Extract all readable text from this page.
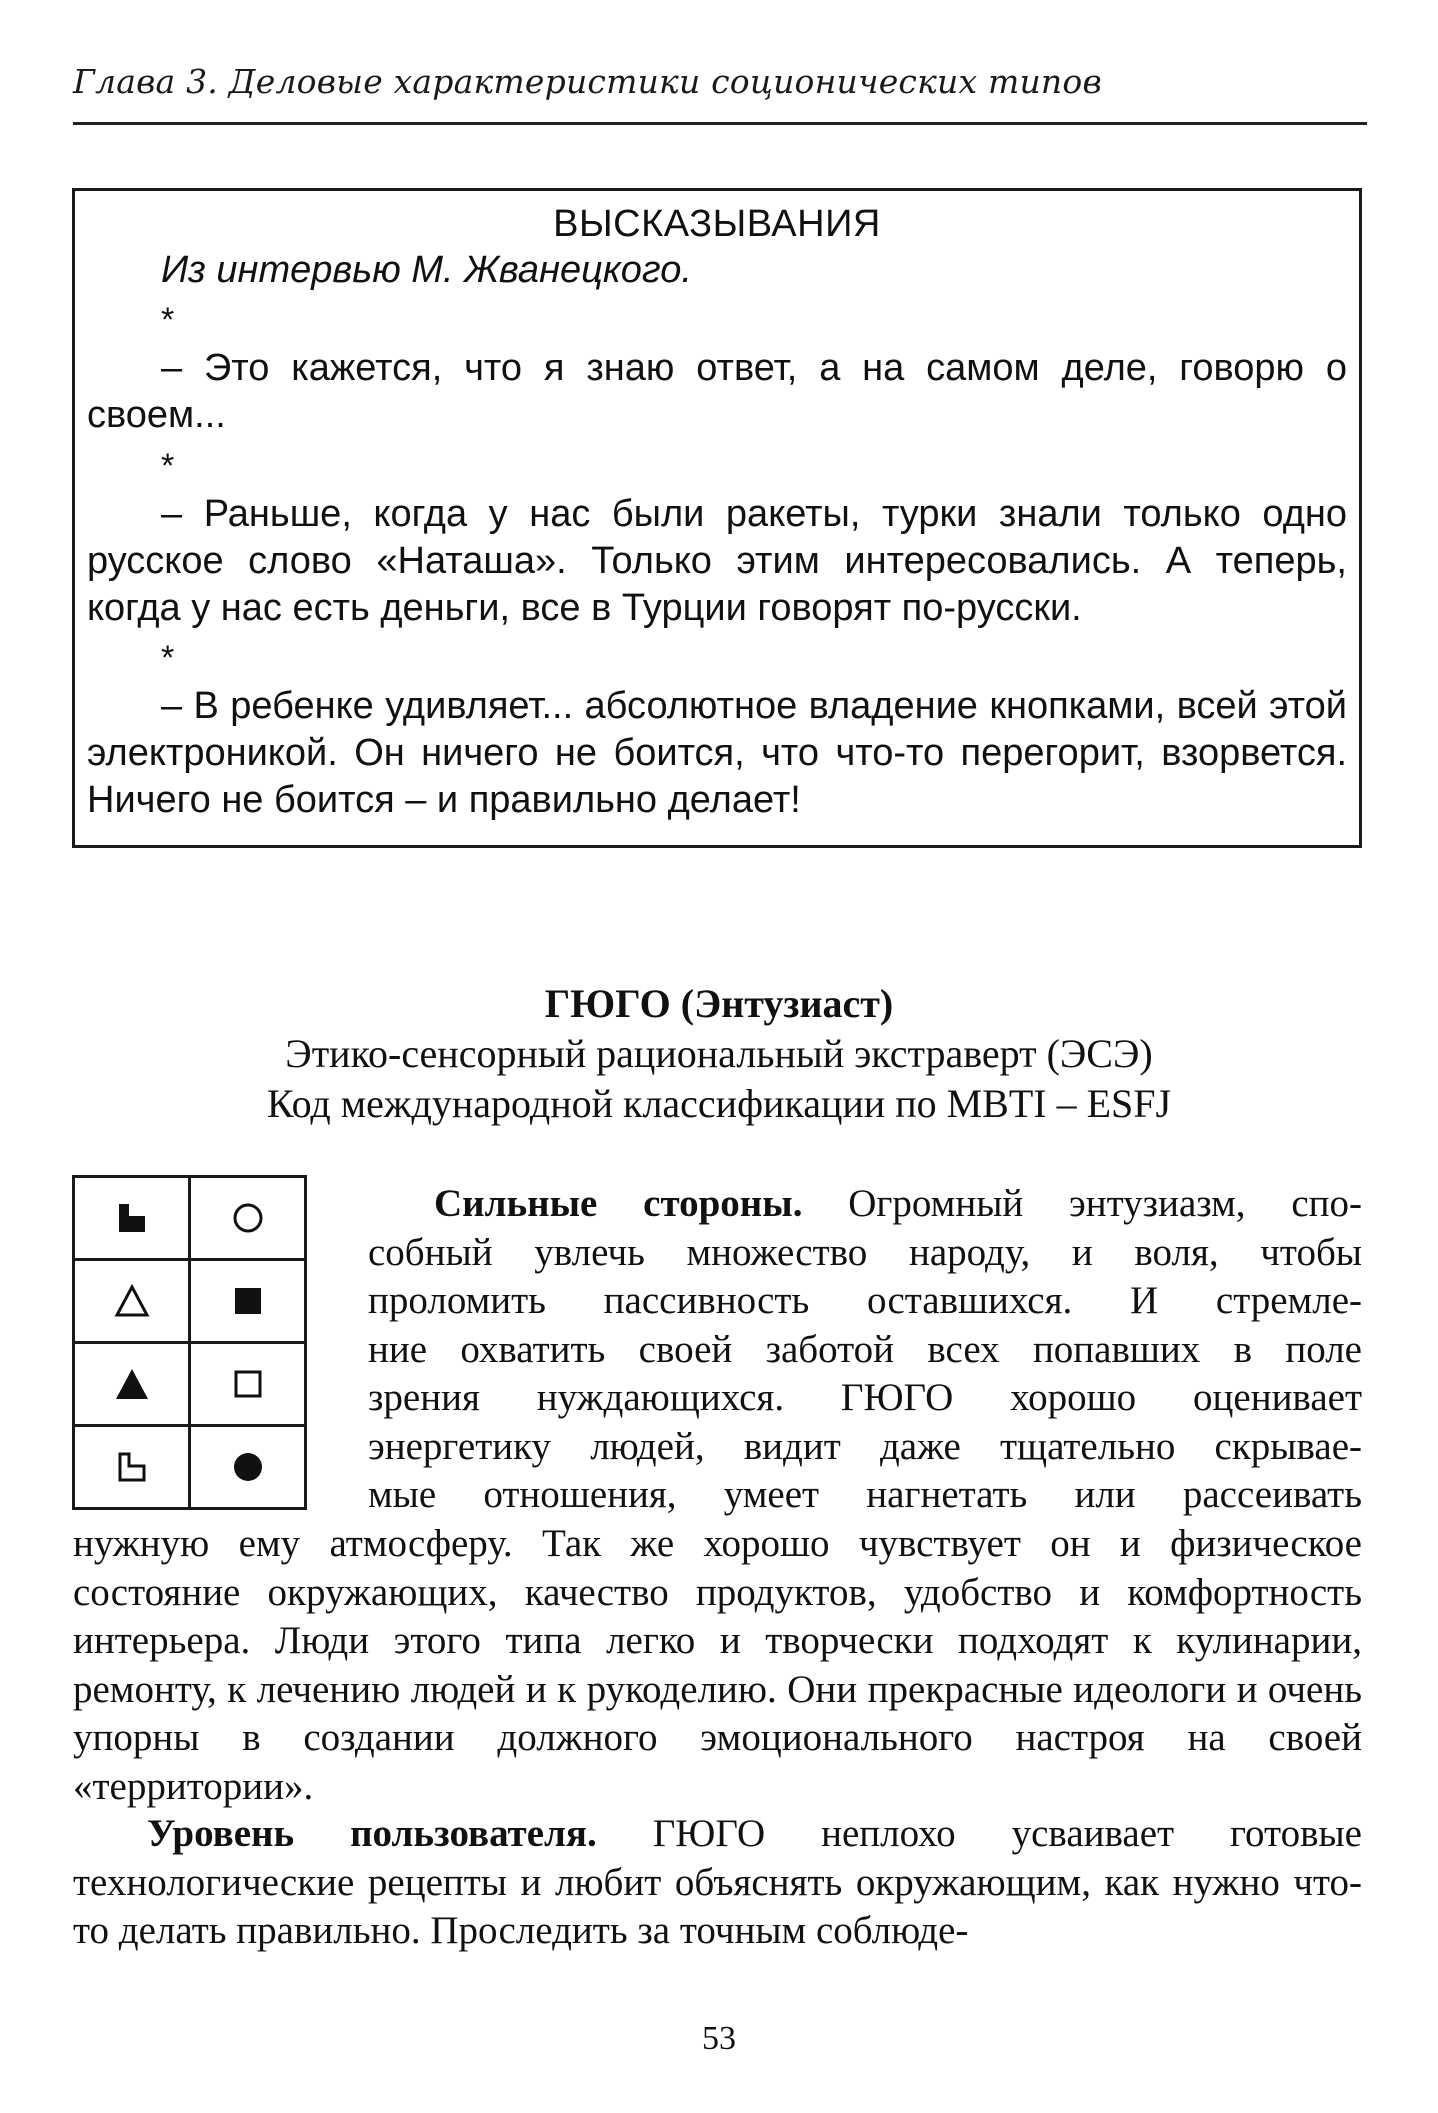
Глава 3. Деловые характеристики соционических типов
ВЫСКАЗЫВАНИЯ
Из интервью М. Жванецкого.
*
– Это кажется, что я знаю ответ, а на самом деле, говорю о своем...
*
– Раньше, когда у нас были ракеты, турки знали только одно русское слово «Наташа». Только этим интересовались. А теперь, когда у нас есть деньги, все в Турции говорят по-русски.
*
– В ребенке удивляет... абсолютное владение кнопками, всей этой электроникой. Он ничего не боится, что что-то перегорит, взорвется. Ничего не боится – и правильно делает!
ГЮГО (Энтузиаст)
Этико-сенсорный рациональный экстраверт (ЭСЭ)
Код международной классификации по MBTI – ESFJ

Сильные стороны. Огромный энтузиазм, спо-
собный увлечь множество народу, и воля, чтобы
проломить пассивность оставшихся. И стремле-
ние охватить своей заботой всех попавших в поле
зрения нуждающихся. ГЮГО хорошо оценивает
энергетику людей, видит даже тщательно скрывае-
мые отношения, умеет нагнетать или рассеивать
нужную ему атмосферу. Так же хорошо чувствует он и физическое состояние окружающих, качество продуктов, удобство и комфортность интерьера. Люди этого типа легко и творчески подходят к кулинарии, ремонту, к лечению людей и к рукоделию. Они прекрасные идеологи и очень упорны в создании должного эмоционального настроя на своей «территории».
Уровень пользователя. ГЮГО неплохо усваивает готовые технологические рецепты и любит объяснять окружающим, как нужно что-то делать правильно. Проследить за точным соблюде-
53
